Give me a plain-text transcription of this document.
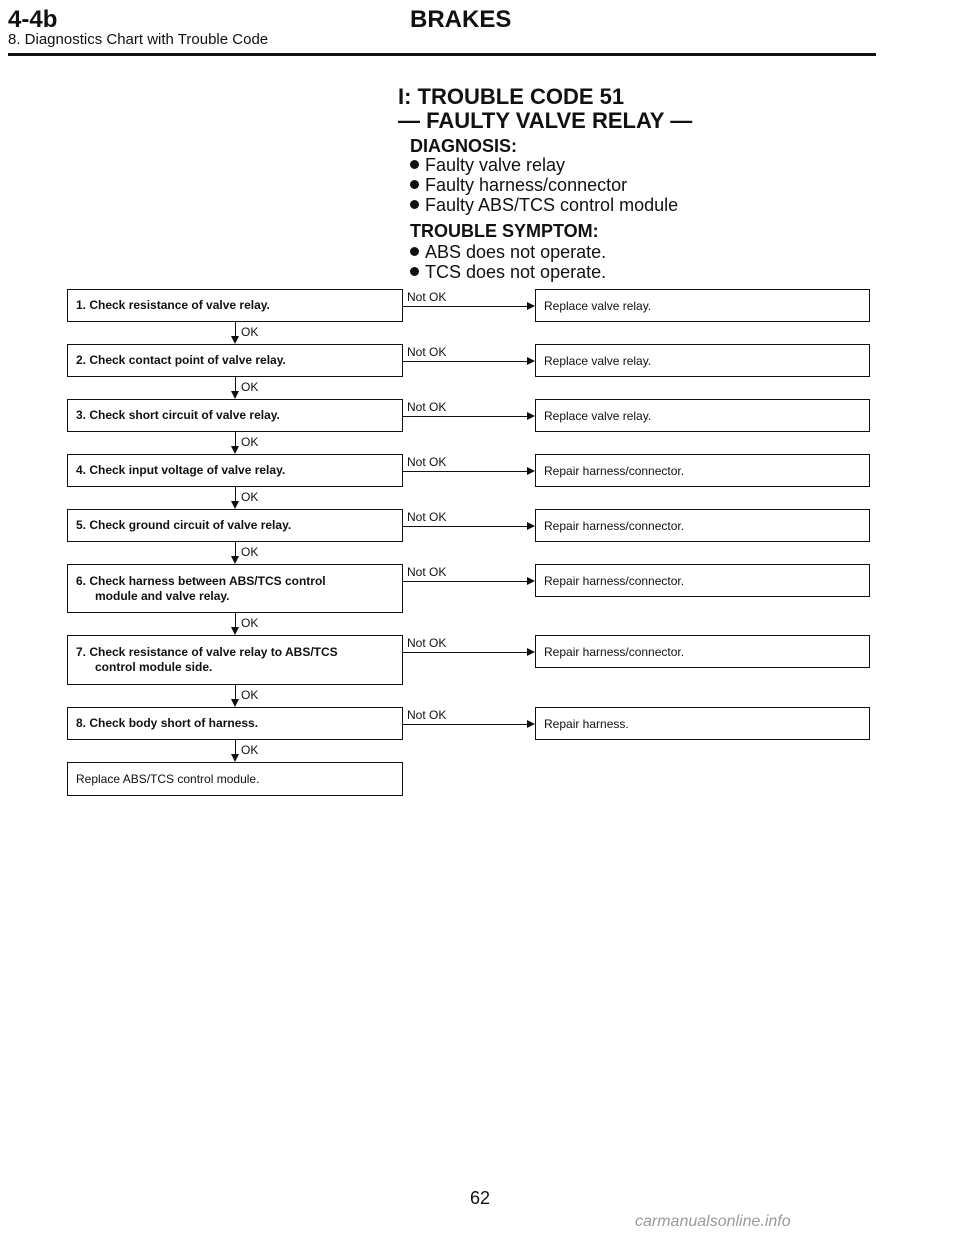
4-4b
8. Diagnostics Chart with Trouble Code
BRAKES
I: TROUBLE CODE 51
— FAULTY VALVE RELAY —
DIAGNOSIS:
Faulty valve relay
Faulty harness/connector
Faulty ABS/TCS control module
TROUBLE SYMPTOM:
ABS does not operate.
TCS does not operate.
1. Check resistance of valve relay.
Not OK
Replace valve relay.
OK
2. Check contact point of valve relay.
Not OK
Replace valve relay.
OK
3. Check short circuit of valve relay.
Not OK
Replace valve relay.
OK
4. Check input voltage of valve relay.
Not OK
Repair harness/connector.
OK
5. Check ground circuit of valve relay.
Not OK
Repair harness/connector.
OK
6. Check harness between ABS/TCS control
module and valve relay.
Not OK
Repair harness/connector.
OK
7. Check resistance of valve relay to ABS/TCS
control module side.
Not OK
Repair harness/connector.
OK
8. Check body short of harness.
Not OK
Repair harness.
OK
Replace ABS/TCS control module.
62
carmanualsonline.info
